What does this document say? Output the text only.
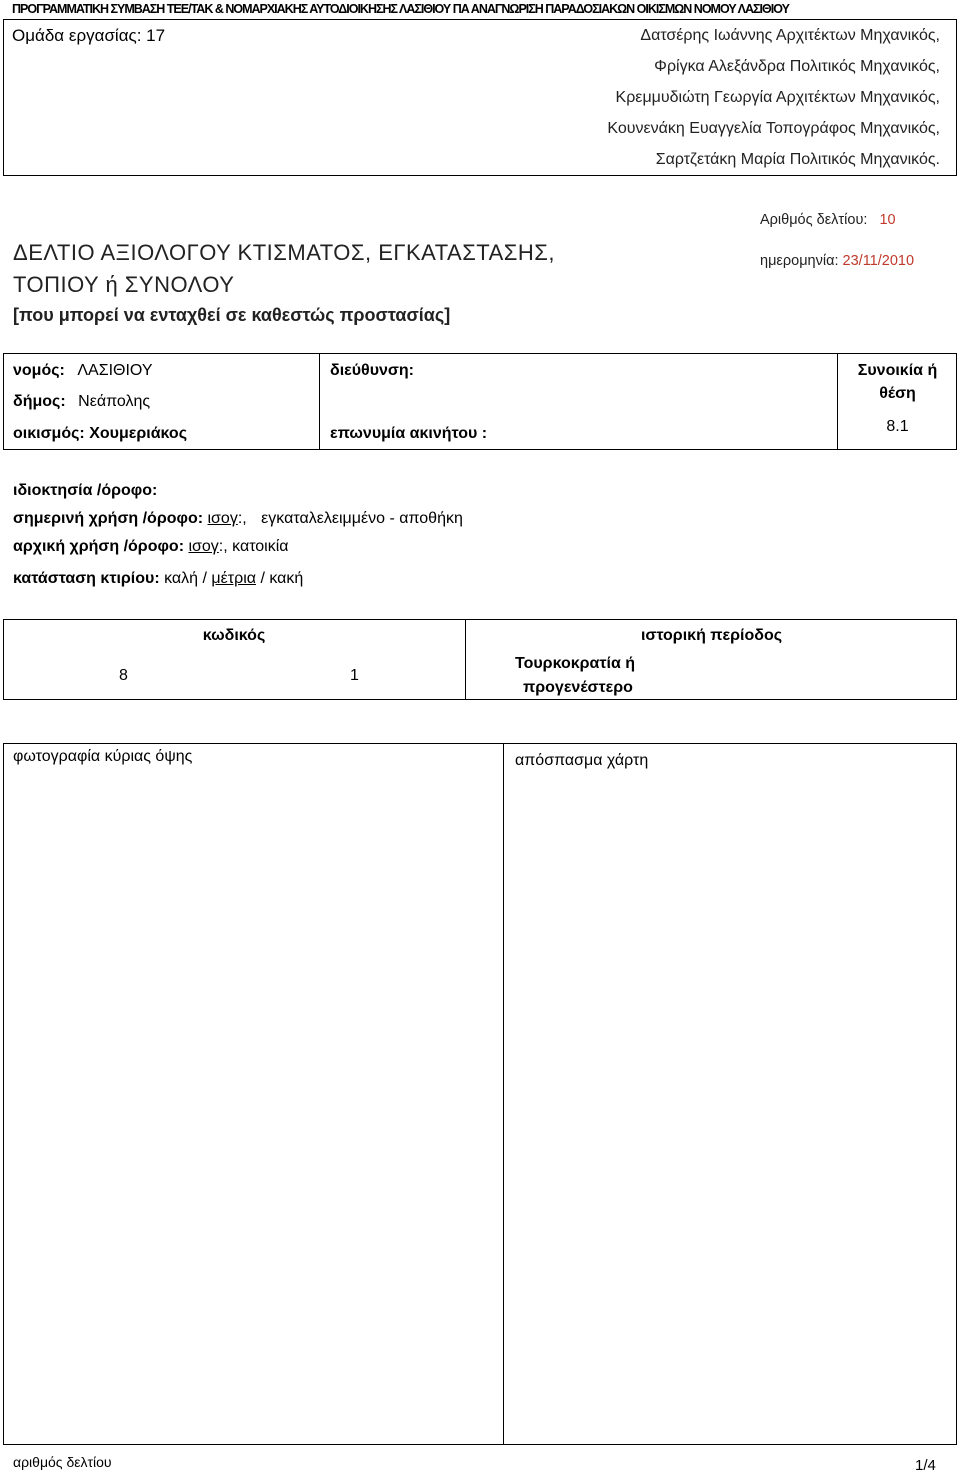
ΠΡΟΓΡΑΜΜΑΤΙΚΗ ΣΥΜΒΑΣΗ ΤΕΕ/ΤΑΚ & ΝΟΜΑΡΧΙΑΚΗΣ ΑΥΤΟΔΙΟΙΚΗΣΗΣ ΛΑΣΙΘΙΟΥ ΠΑ ΑΝΑΓΝΩΡΙΣΗ ΠΑΡΑΔΟΣΙΑΚΩΝ ΟΙΚΙΣΜΩΝ ΝΟΜΟΥ ΛΑΣΙΘΙΟΥ
Ομάδα εργασίας: 17	Δατσέρης Ιωάννης Αρχιτέκτων Μηχανικός,
Φρίγκα Αλεξάνδρα Πολιτικός Μηχανικός,
Κρεμμυδιώτη Γεωργία Αρχιτέκτων Μηχανικός,
Κουνενάκη Ευαγγελία Τοπογράφος Μηχανικός,
Σαρτζετάκη Μαρία Πολιτικός Μηχανικός.
ΔΕΛΤΙΟ ΑΞΙΟΛΟΓΟΥ ΚΤΙΣΜΑΤΟΣ, ΕΓΚΑΤΑΣΤΑΣΗΣ,
ΤΟΠΙΟΥ ή ΣΥΝΟΛΟΥ
[που μπορεί να ενταχθεί σε καθεστώς προστασίας]
Αριθμός δελτίου: 10
ημερομηνία: 23/11/2010
νομός: ΛΑΣΙΘΙΟΥ
δήμος: Νεάπολης
οικισμός: Χουμεριάκος
διεύθυνση:
επωνυμία ακινήτου :
Συνοικία ή
θέση
8.1
ιδιοκτησία /όροφο:
σημερινή χρήση /όροφο: ισογ:, εγκαταλελειμμένο - αποθήκη
αρχική χρήση /όροφο: ισογ:, κατοικία
κατάσταση κτιρίου: καλή / μέτρια / κακή
κωδικός
8	1
ιστορική περίοδος
Τουρκοκρατία ή
προγενέστερο
φωτογραφία κύριας όψης	απόσπασμα χάρτη
αριθμός δελτίου	1/4
